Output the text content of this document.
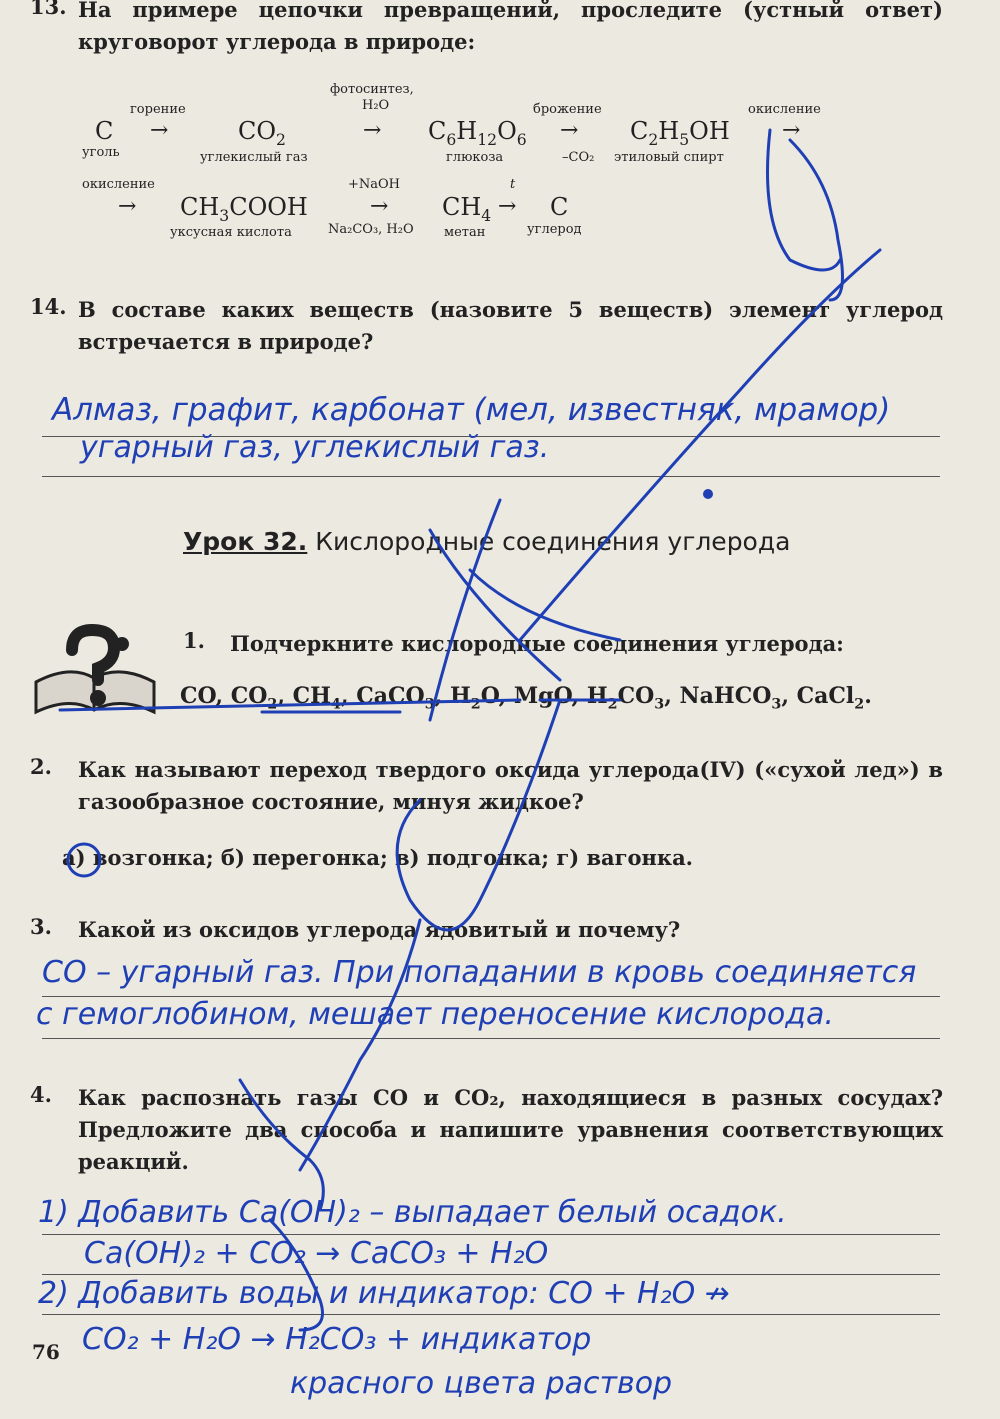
13. На примере цепочки превращений, проследите (устный ответ) круговорот углерода в природе:
C
уголь
горение
→	$CO_2$
углекислый газ
фотосинтез,
H₂O
→ $C_6H_{12}O_6$
глюкоза
брожение
→
–CO₂
$C_2H_5OH$
этиловый спирт
окисление
→
окисление
→ $CH_3COOH$
уксусная кислота
+NaOH
→
Na₂CO₃, H₂O
$CH_4$
метан
t
→ C
углерод
14. В составе каких веществ (назовите 5 веществ) элемент углерод встречается в природе?
Алмаз, графит, карбонат (мел, известняк, мрамор)
угарный газ, углекислый газ.
Урок 32. Кислородные соединения углерода
1. Подчеркните кислородные соединения углерода:
CO, $CO_2$, $CH_4$, CaCO$_3$, $H_2O$, MgO, $H_2CO_3$, NaHCO$_3$, CaCl$_2$.
2. Как называют переход твердого оксида углерода(IV) («сухой лед») в газообразное состояние, минуя жидкое?
а) возгонка; б) перегонка; в) подгонка; г) вагонка.
3. Какой из оксидов углерода ядовитый и почему?
СО – угарный газ. При попадании в кровь соединяется
с гемоглобином, мешает переносение кислорода.
4. Как распознать газы CO и CO₂, находящиеся в разных сосудах? Предложите два способа и напишите уравнения соответствующих реакций.
1) Добавить Ca(OH)₂ – выпадает белый осадок.
Ca(OH)₂ + CO₂ → CaCO₃ + H₂O
2) Добавить воды и индикатор: CO + H₂O ↛
CO₂ + H₂O → H₂CO₃ + индикатор
красного цвета раствор
76
